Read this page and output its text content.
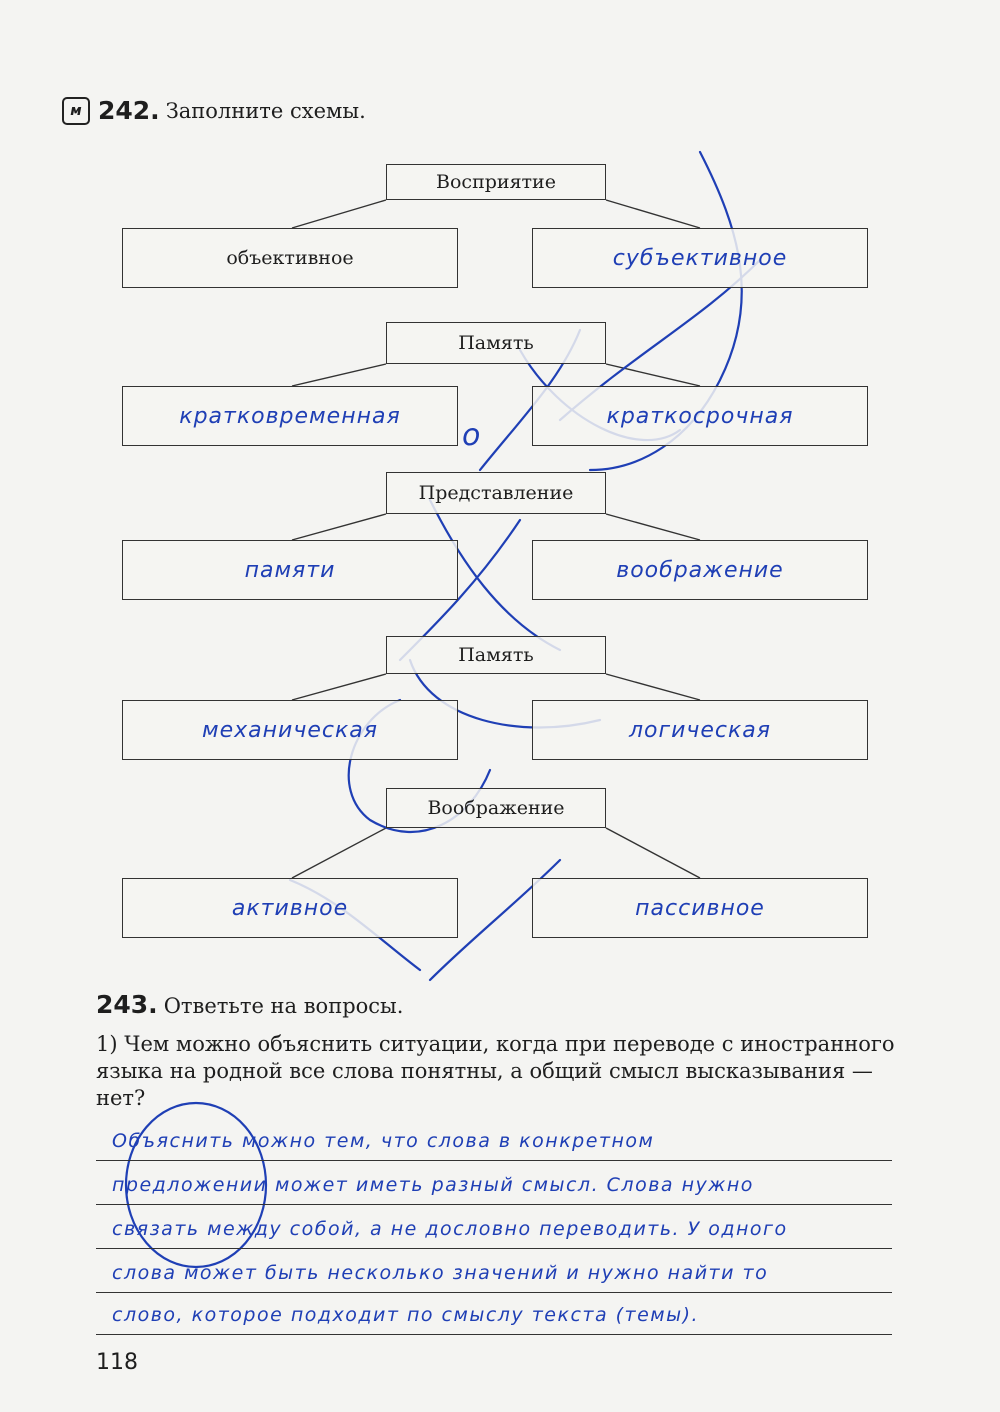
м 242. Заполните схемы.
Восприятие
объективное	субъективное
Память
кратковременная	краткосрочная
о
Представление
памяти	воображение
Память
механическая	логическая
Воображение
активное	пассивное
243. Ответьте на вопросы.
1) Чем можно объяснить ситуации, когда при переводе с иностранного языка на родной все слова понятны, а общий смысл высказывания — нет?
Объяснить можно тем, что слова в конкретном
предложении может иметь разный смысл. Слова нужно
связать между собой, а не дословно переводить. У одного
слова может быть несколько значений и нужно найти то
слово, которое подходит по смыслу текста (темы).
118
